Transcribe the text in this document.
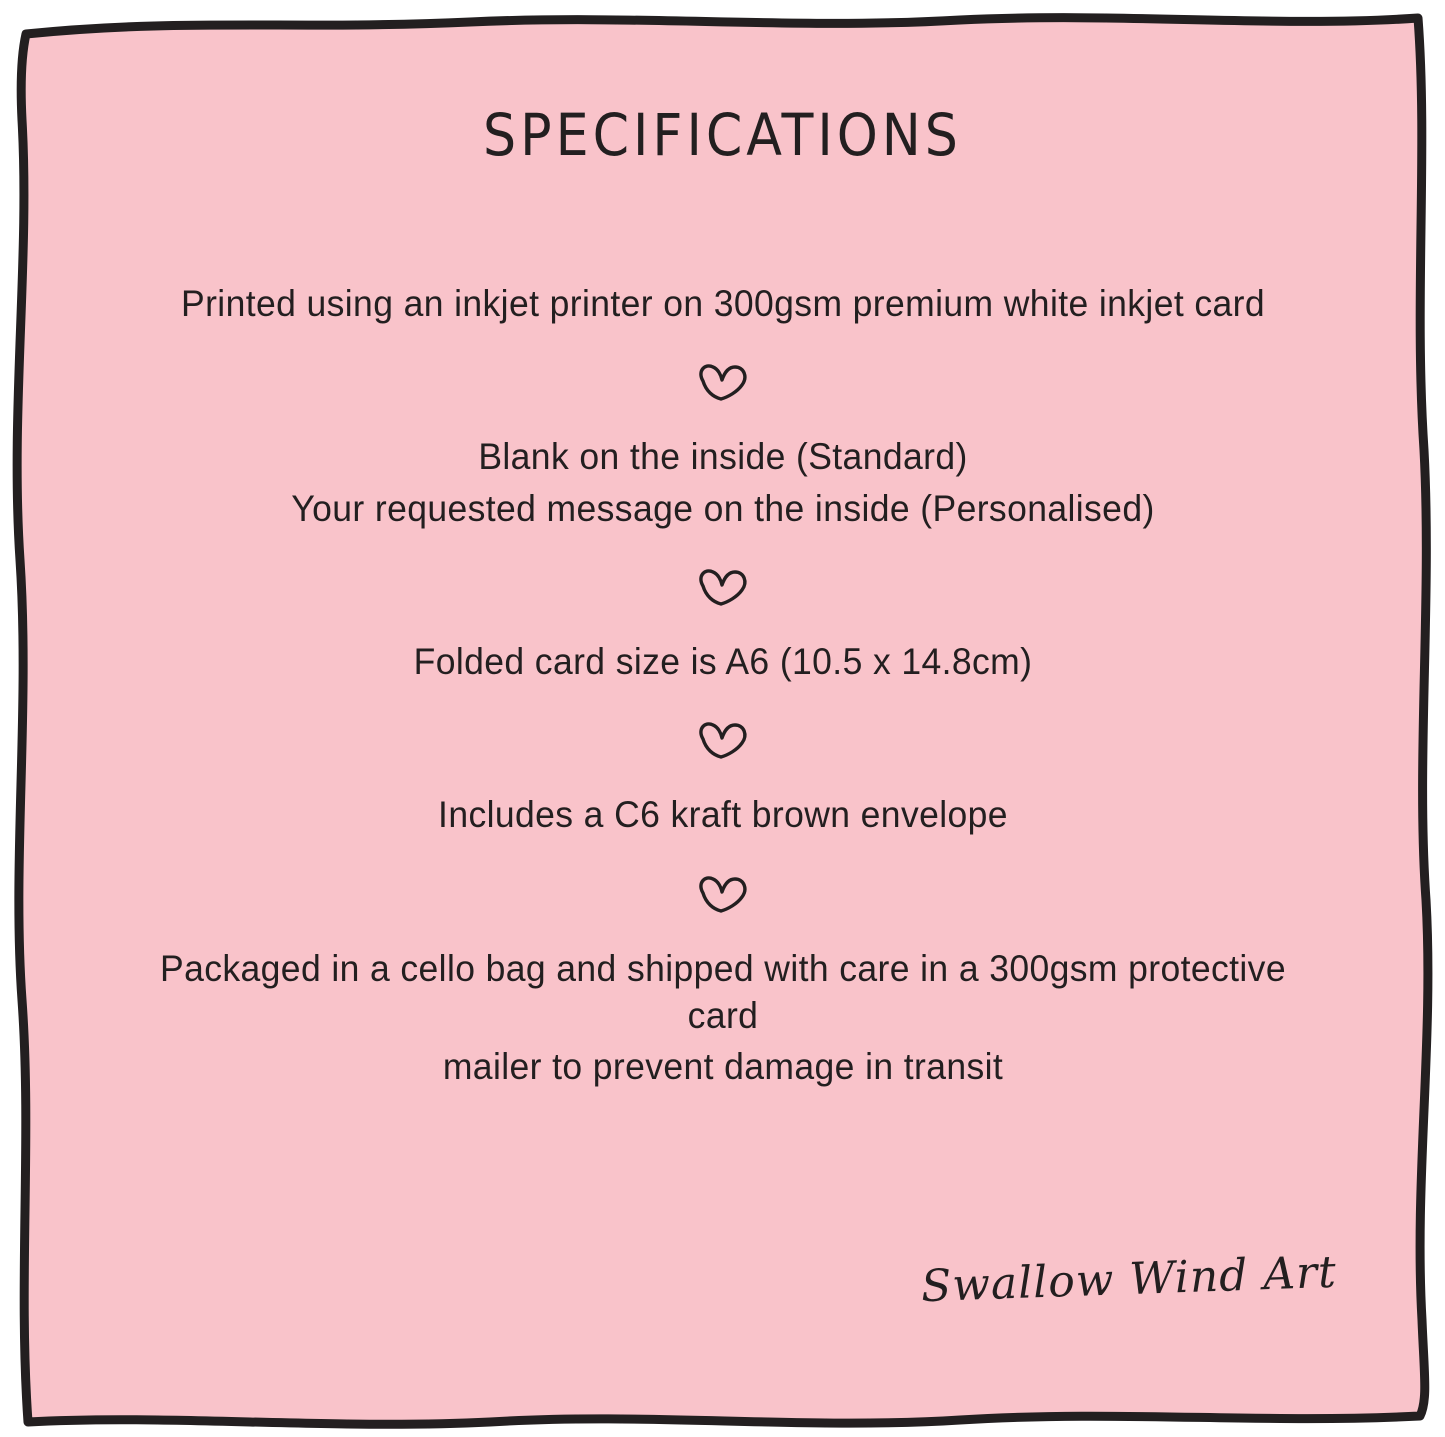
SPECIFICATIONS

Printed using an inkjet printer on 300gsm premium white inkjet card

Blank on the inside (Standard)

Your requested message on the inside (Personalised)

Folded card size is A6 (10.5 x 14.8cm)

Includes a C6 kraft brown envelope

Packaged in a cello bag and shipped with care in a 300gsm protective card

mailer to prevent damage in transit

Swallow Wind Art
